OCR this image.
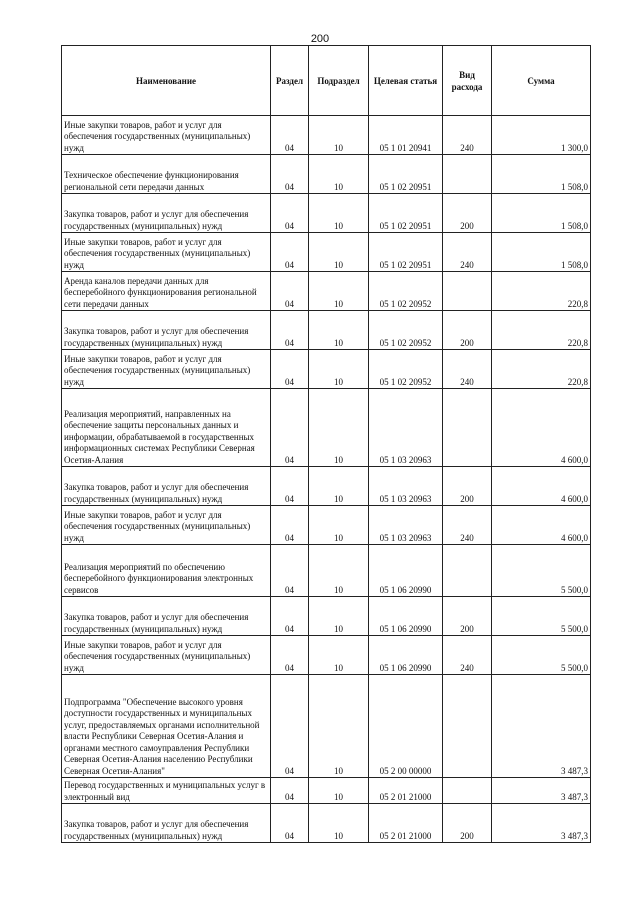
200
Наименование	Раздел	Подраздел	Целевая статья	Вид расхода	Сумма
Иные закупки товаров, работ и услуг для обеспечения государственных (муниципальных) нужд	04	10	05 1 01 20941	240	1 300,0
Техническое обеспечение функционирования региональной сети передачи данных	04	10	05 1 02 20951		1 508,0
Закупка товаров, работ и услуг для обеспечения государственных (муниципальных) нужд	04	10	05 1 02 20951	200	1 508,0
Иные закупки товаров, работ и услуг для обеспечения государственных (муниципальных) нужд	04	10	05 1 02 20951	240	1 508,0
Аренда каналов передачи данных для бесперебойного функционирования региональной сети передачи данных	04	10	05 1 02 20952		220,8
Закупка товаров, работ и услуг для обеспечения государственных (муниципальных) нужд	04	10	05 1 02 20952	200	220,8
Иные закупки товаров, работ и услуг для обеспечения государственных (муниципальных) нужд	04	10	05 1 02 20952	240	220,8
Реализация мероприятий, направленных на обеспечение защиты персональных данных и информации, обрабатываемой в государственных информационных системах Республики Северная Осетия-Алания	04	10	05 1 03 20963		4 600,0
Закупка товаров, работ и услуг для обеспечения государственных (муниципальных) нужд	04	10	05 1 03 20963	200	4 600,0
Иные закупки товаров, работ и услуг для обеспечения государственных (муниципальных) нужд	04	10	05 1 03 20963	240	4 600,0
Реализация мероприятий по обеспечению бесперебойного функционирования электронных сервисов	04	10	05 1 06 20990		5 500,0
Закупка товаров, работ и услуг для обеспечения государственных (муниципальных) нужд	04	10	05 1 06 20990	200	5 500,0
Иные закупки товаров, работ и услуг для обеспечения государственных (муниципальных) нужд	04	10	05 1 06 20990	240	5 500,0
Подпрограмма "Обеспечение высокого уровня доступности государственных и муниципальных услуг, предоставляемых органами исполнительной власти Республики Северная Осетия-Алания и органами местного самоуправления Республики Северная Осетия-Алания населению Республики Северная Осетия-Алания"	04	10	05 2 00 00000		3 487,3
Перевод государственных и муниципальных услуг в электронный вид	04	10	05 2 01 21000		3 487,3
Закупка товаров, работ и услуг для обеспечения государственных (муниципальных) нужд	04	10	05 2 01 21000	200	3 487,3
